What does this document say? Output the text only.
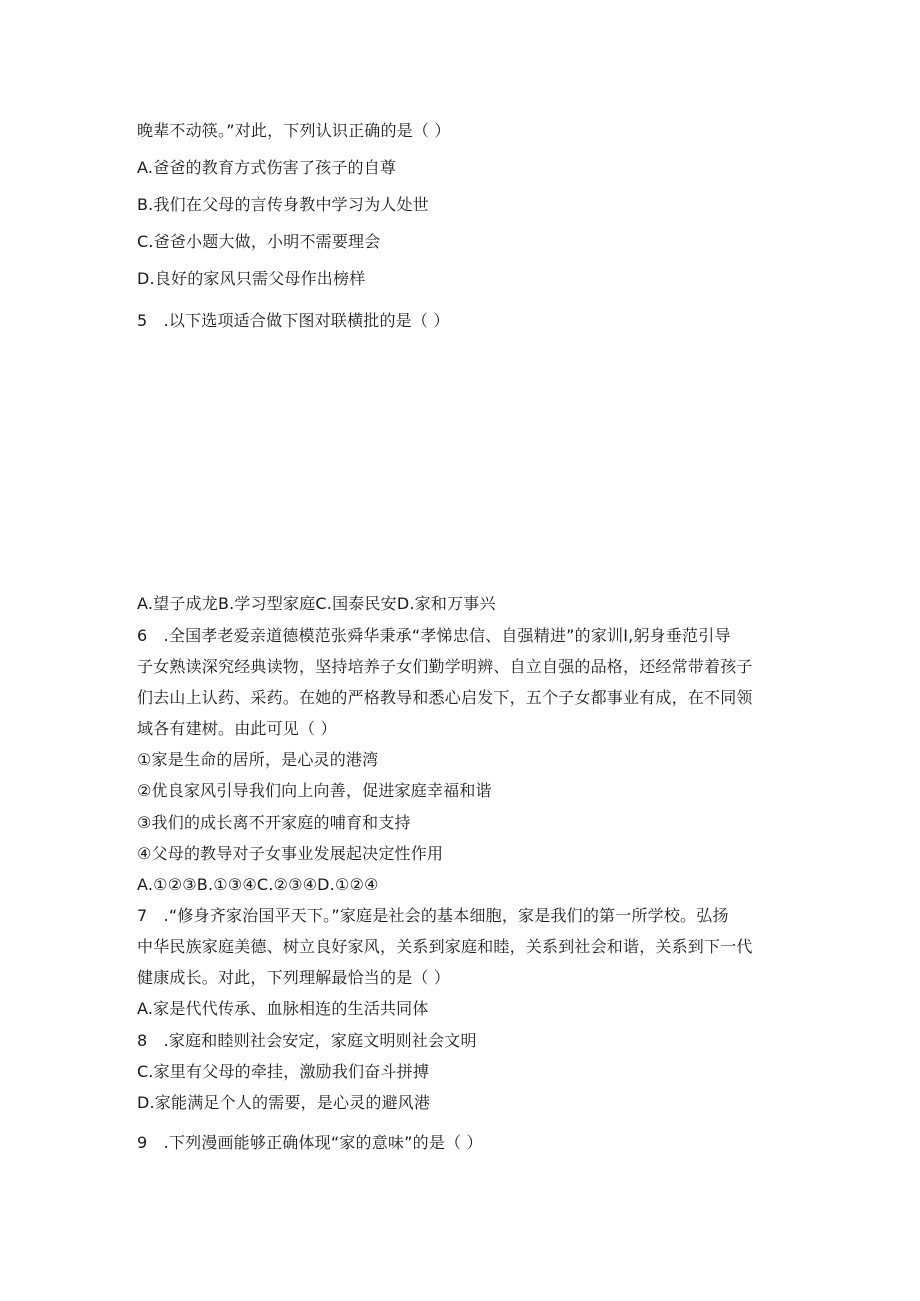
晚辈不动筷。”对此，下列认识正确的是（ ）
A.爸爸的教育方式伤害了孩子的自尊
B.我们在父母的言传身教中学习为人处世
C.爸爸小题大做，小明不需要理会
D.良好的家风只需父母作出榜样
5　.以下选项适合做下图对联横批的是（ ）
A.望子成龙B.学习型家庭C.国泰民安D.家和万事兴
6　.全国孝老爱亲道德模范张舜华秉承“孝悌忠信、自强精进”的家训I,躬身垂范引导
子女熟读深究经典读物，坚持培养子女们勤学明辨、自立自强的品格，还经常带着孩子
们去山上认药、采药。在她的严格教导和悉心启发下，五个子女都事业有成，在不同领
域各有建树。由此可见（ ）
①家是生命的居所，是心灵的港湾
②优良家风引导我们向上向善，促进家庭幸福和谐
③我们的成长离不开家庭的哺育和支持
④父母的教导对子女事业发展起决定性作用
A.①②③B.①③④C.②③④D.①②④
7　.“修身齐家治国平天下。”家庭是社会的基本细胞，家是我们的第一所学校。弘扬
中华民族家庭美德、树立良好家风，关系到家庭和睦，关系到社会和谐，关系到下一代
健康成长。对此，下列理解最恰当的是（ ）
A.家是代代传承、血脉相连的生活共同体
8　.家庭和睦则社会安定，家庭文明则社会文明
C.家里有父母的牵挂，激励我们奋斗拼搏
D.家能满足个人的需要，是心灵的避风港
9　.下列漫画能够正确体现“家的意味”的是（ ）
